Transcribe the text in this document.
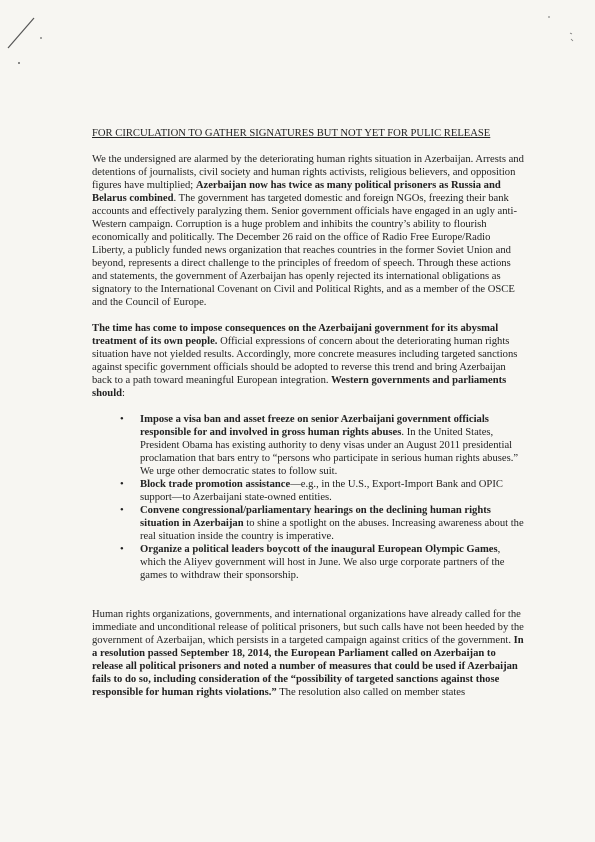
FOR CIRCULATION TO GATHER SIGNATURES BUT NOT YET FOR PULIC RELEASE

We the undersigned are alarmed by the deteriorating human rights situation in Azerbaijan. Arrests and detentions of journalists, civil society and human rights activists, religious believers, and opposition figures have multiplied; Azerbaijan now has twice as many political prisoners as Russia and Belarus combined. The government has targeted domestic and foreign NGOs, freezing their bank accounts and effectively paralyzing them. Senior government officials have engaged in an ugly anti-Western campaign. Corruption is a huge problem and inhibits the country’s ability to flourish economically and politically. The December 26 raid on the office of Radio Free Europe/Radio Liberty, a publicly funded news organization that reaches countries in the former Soviet Union and beyond, represents a direct challenge to the principles of freedom of speech. Through these actions and statements, the government of Azerbaijan has openly rejected its international obligations as signatory to the International Covenant on Civil and Political Rights, and as a member of the OSCE and the Council of Europe.

The time has come to impose consequences on the Azerbaijani government for its abysmal treatment of its own people. Official expressions of concern about the deteriorating human rights situation have not yielded results. Accordingly, more concrete measures including targeted sanctions against specific government officials should be adopted to reverse this trend and bring Azerbaijan back to a path toward meaningful European integration. Western governments and parliaments should:

• Impose a visa ban and asset freeze on senior Azerbaijani government officials responsible for and involved in gross human rights abuses. In the United States, President Obama has existing authority to deny visas under an August 2011 presidential proclamation that bars entry to “persons who participate in serious human rights abuses.” We urge other democratic states to follow suit.
• Block trade promotion assistance—e.g., in the U.S., Export-Import Bank and OPIC support—to Azerbaijani state-owned entities.
• Convene congressional/parliamentary hearings on the declining human rights situation in Azerbaijan to shine a spotlight on the abuses. Increasing awareness about the real situation inside the country is imperative.
• Organize a political leaders boycott of the inaugural European Olympic Games, which the Aliyev government will host in June. We also urge corporate partners of the games to withdraw their sponsorship.

Human rights organizations, governments, and international organizations have already called for the immediate and unconditional release of political prisoners, but such calls have not been heeded by the government of Azerbaijan, which persists in a targeted campaign against critics of the government. In a resolution passed September 18, 2014, the European Parliament called on Azerbaijan to release all political prisoners and noted a number of measures that could be used if Azerbaijan fails to do so, including consideration of the “possibility of targeted sanctions against those responsible for human rights violations.” The resolution also called on member states
